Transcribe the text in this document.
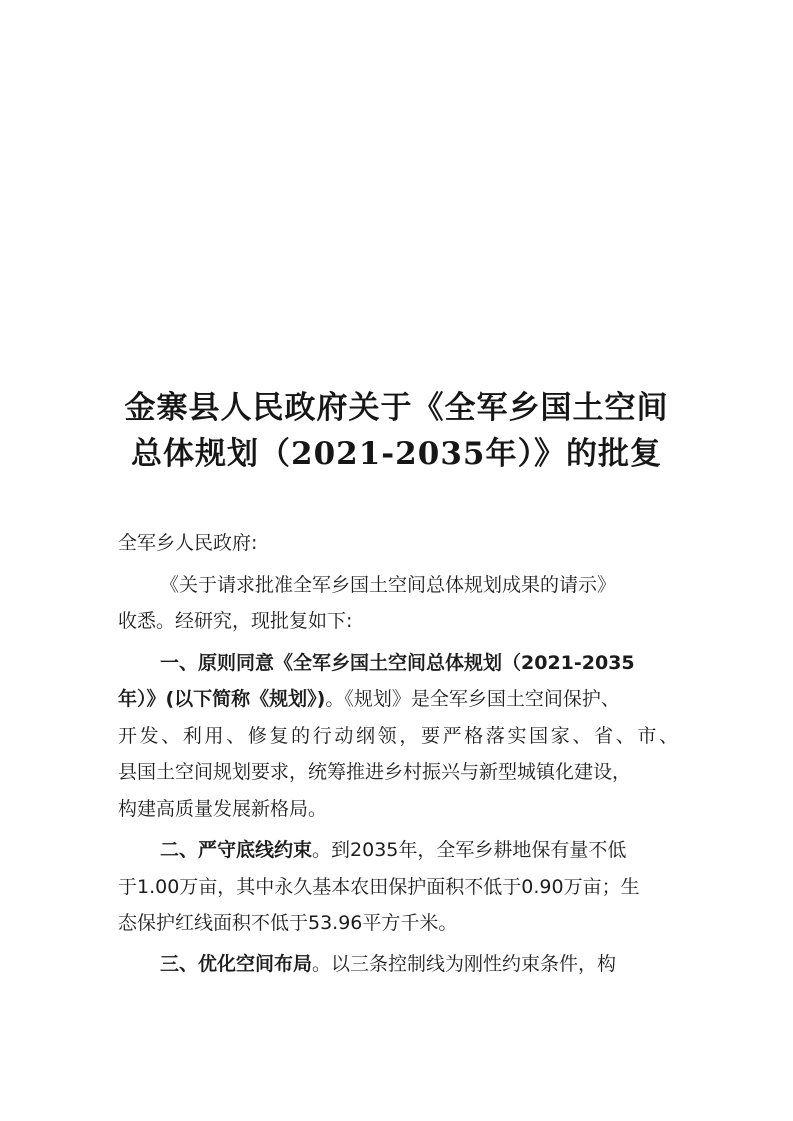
金寨县人民政府关于《全军乡国土空间
总体规划（2021-2035年）》的批复
全军乡人民政府:
《关于请求批准全军乡国土空间总体规划成果的请示》
收悉。经研究，现批复如下:
一、原则同意《全军乡国土空间总体规划（2021-2035
年）》(以下简称《规划》)。《规划》是全军乡国土空间保护、
开发、利用、修复的行动纲领，要严格落实国家、省、市、
县国土空间规划要求，统筹推进乡村振兴与新型城镇化建设，
构建高质量发展新格局。
二、严守底线约束。到2035年，全军乡耕地保有量不低
于1.00万亩，其中永久基本农田保护面积不低于0.90万亩；生
态保护红线面积不低于53.96平方千米。
三、优化空间布局。以三条控制线为刚性约束条件，构
